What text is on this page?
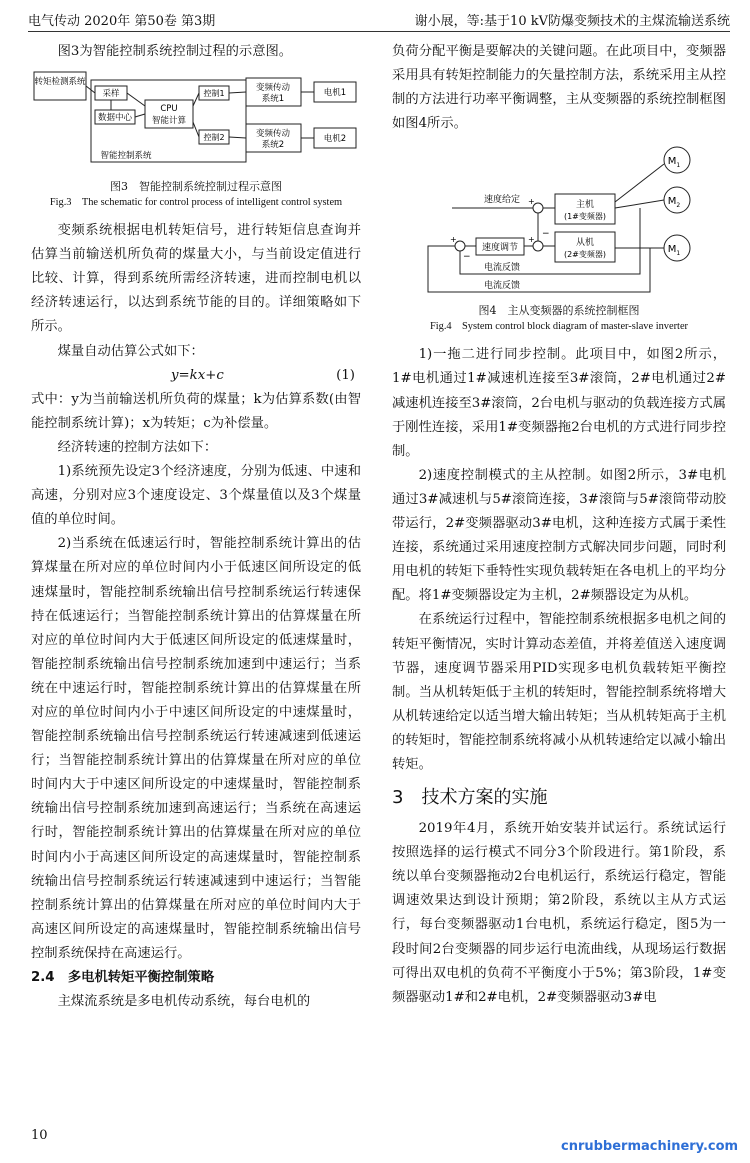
电气传动 2020年 第50卷 第3期	谢小展，等:基于10 kV防爆变频技术的主煤流输送系统

图3为智能控制系统控制过程的示意图。

转矩检测系统
采样
数据中心
CPU
智能计算
控制1
控制2
变频传动
系统1
变频传动
系统2
电机1
电机2
智能控制系统
图3　智能控制系统控制过程示意图
Fig.3　The schematic for control process of intelligent control system

变频系统根据电机转矩信号，进行转矩信息查询并估算当前输送机所负荷的煤量大小，与当前设定值进行比较、计算，得到系统所需经济转速，进而控制电机以经济转速运行，以达到系统节能的目的。详细策略如下所示。

煤量自动估算公式如下：

y=kx+c	(1)

式中：y为当前输送机所负荷的煤量；k为估算系数(由智能控制系统计算)；x为转矩；c为补偿量。

经济转速的控制方法如下：

1)系统预先设定3个经济速度，分别为低速、中速和高速，分别对应3个速度设定、3个煤量值以及3个煤量值的单位时间。

2)当系统在低速运行时，智能控制系统计算出的估算煤量在所对应的单位时间内小于低速区间所设定的低速煤量时，智能控制系统输出信号控制系统运行转速保持在低速运行；当智能控制系统计算出的估算煤量在所对应的单位时间内大于低速区间所设定的低速煤量时，智能控制系统输出信号控制系统加速到中速运行；当系统在中速运行时，智能控制系统计算出的估算煤量在所对应的单位时间内小于中速区间所设定的中速煤量时，智能控制系统输出信号控制系统运行转速减速到低速运行；当智能控制系统计算出的估算煤量在所对应的单位时间内大于中速区间所设定的中速煤量时，智能控制系统输出信号控制系统加速到高速运行；当系统在高速运行时，智能控制系统计算出的估算煤量在所对应的单位时间内小于高速区间所设定的高速煤量时，智能控制系统输出信号控制系统运行转速减速到中速运行；当智能控制系统计算出的估算煤量在所对应的单位时间内大于高速区间所设定的高速煤量时，智能控制系统输出信号控制系统保持在高速运行。

2.4　多电机转矩平衡控制策略

主煤流系统是多电机传动系统，每台电机的

负荷分配平衡是要解决的关键问题。在此项目中，变频器采用具有转矩控制能力的矢量控制方法，系统采用主从控制的方法进行功率平衡调整，主从变频器的系统控制框图如图4所示。

速度给定	主机
(1#变频器)
从机
(2#变频器)
速度调节
电流反馈
电流反馈
$M_1$
$M_2$
$M_1$
+
+
−
+
−
图4　主从变频器的系统控制框图
Fig.4　System control block diagram of master-slave inverter

1)一拖二进行同步控制。此项目中，如图2所示，1#电机通过1#减速机连接至3#滚筒，2#电机通过2#减速机连接至3#滚筒，2台电机与驱动的负载连接方式属于刚性连接，采用1#变频器拖2台电机的方式进行同步控制。

2)速度控制模式的主从控制。如图2所示，3#电机通过3#减速机与5#滚筒连接，3#滚筒与5#滚筒带动胶带运行，2#变频器驱动3#电机，这种连接方式属于柔性连接，系统通过采用速度控制方式解决同步问题，同时利用电机的转矩下垂特性实现负载转矩在各电机上的平均分配。将1#变频器设定为主机，2#频器设定为从机。

在系统运行过程中，智能控制系统根据多电机之间的转矩平衡情况，实时计算动态差值，并将差值送入速度调节器，速度调节器采用PID实现多电机负载转矩平衡控制。当从机转矩低于主机的转矩时，智能控制系统将增大从机转速给定以适当增大输出转矩；当从机转矩高于主机的转矩时，智能控制系统将减小从机转速给定以减小输出转矩。

3　技术方案的实施

2019年4月，系统开始安装并试运行。系统试运行按照选择的运行模式不同分3个阶段进行。第1阶段，系统以单台变频器拖动2台电机运行，系统运行稳定，智能调速效果达到设计预期；第2阶段，系统以主从方式运行，每台变频器驱动1台电机，系统运行稳定，图5为一段时间2台变频器的同步运行电流曲线，从现场运行数据可得出双电机的负荷不平衡度小于5%；第3阶段，1#变频器驱动1#和2#电机，2#变频器驱动3#电

10
cnrubbermachinery.com
